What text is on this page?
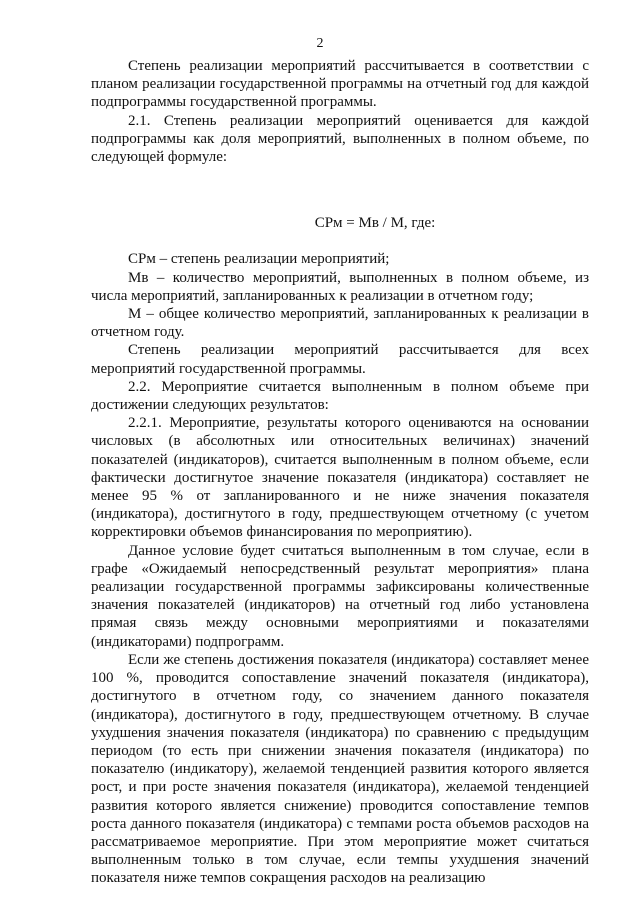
2

Степень реализации мероприятий рассчитывается в соответствии с планом реализации государственной программы на отчетный год для каждой подпрограммы государственной программы.

2.1. Степень реализации мероприятий оценивается для каждой подпрограммы как доля мероприятий, выполненных в полном объеме, по следующей формуле:

СРм = Мв / М, где:

СРм – степень реализации мероприятий;

Мв – количество мероприятий, выполненных в полном объеме, из числа мероприятий, запланированных к реализации в отчетном году;

М – общее количество мероприятий, запланированных к реализации в отчетном году.

Степень реализации мероприятий рассчитывается для всех мероприятий государственной программы.

2.2. Мероприятие считается выполненным в полном объеме при достижении следующих результатов:

2.2.1. Мероприятие, результаты которого оцениваются на основании числовых (в абсолютных или относительных величинах) значений показателей (индикаторов), считается выполненным в полном объеме, если фактически достигнутое значение показателя (индикатора) составляет не менее 95 % от запланированного и не ниже значения показателя (индикатора), достигнутого в году, предшествующем отчетному (с учетом корректировки объемов финансирования по мероприятию).

Данное условие будет считаться выполненным в том случае, если в графе «Ожидаемый непосредственный результат мероприятия» плана реализации государственной программы зафиксированы количественные значения показателей (индикаторов) на отчетный год либо установлена прямая связь между основными мероприятиями и показателями (индикаторами) подпрограмм.

Если же степень достижения показателя (индикатора) составляет менее 100 %, проводится сопоставление значений показателя (индикатора), достигнутого в отчетном году, со значением данного показателя (индикатора), достигнутого в году, предшествующем отчетному. В случае ухудшения значения показателя (индикатора) по сравнению с предыдущим периодом (то есть при снижении значения показателя (индикатора) по показателю (индикатору), желаемой тенденцией развития которого является рост, и при росте значения показателя (индикатора), желаемой тенденцией развития которого является снижение) проводится сопоставление темпов роста данного показателя (индикатора) с темпами роста объемов расходов на рассматриваемое мероприятие. При этом мероприятие может считаться выполненным только в том случае, если темпы ухудшения значений показателя ниже темпов сокращения расходов на реализацию
